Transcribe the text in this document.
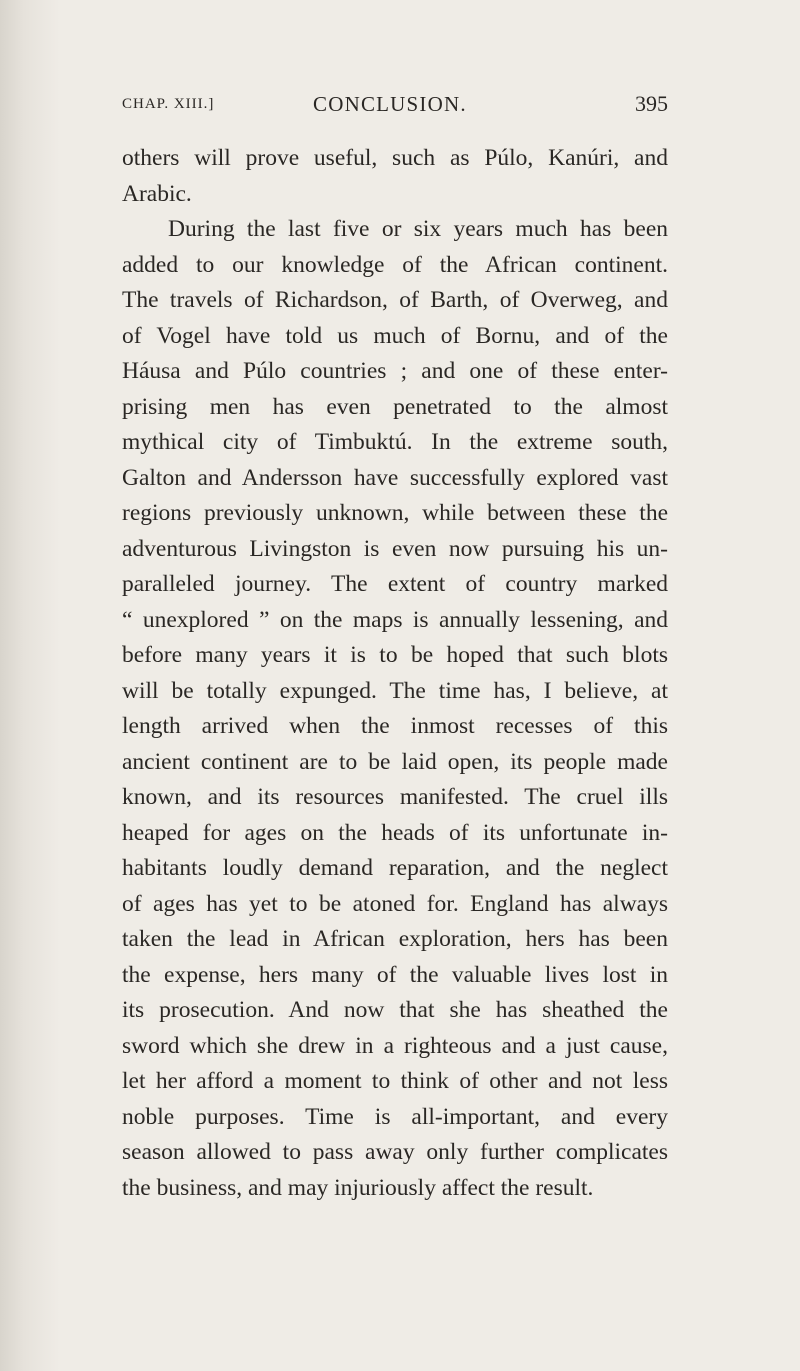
CHAP. XIII.]	CONCLUSION.	395
others will prove useful, such as Púlo, Kanúri, and
Arabic.
During the last five or six years much has been
added to our knowledge of the African continent.
The travels of Richardson, of Barth, of Overweg, and
of Vogel have told us much of Bornu, and of the
Háusa and Púlo countries ; and one of these enter-
prising men has even penetrated to the almost
mythical city of Timbuktú. In the extreme south,
Galton and Andersson have successfully explored vast
regions previously unknown, while between these the
adventurous Livingston is even now pursuing his un-
paralleled journey. The extent of country marked
“ unexplored ” on the maps is annually lessening, and
before many years it is to be hoped that such blots
will be totally expunged. The time has, I believe, at
length arrived when the inmost recesses of this
ancient continent are to be laid open, its people made
known, and its resources manifested. The cruel ills
heaped for ages on the heads of its unfortunate in-
habitants loudly demand reparation, and the neglect
of ages has yet to be atoned for. England has always
taken the lead in African exploration, hers has been
the expense, hers many of the valuable lives lost in
its prosecution. And now that she has sheathed the
sword which she drew in a righteous and a just cause,
let her afford a moment to think of other and not less
noble purposes. Time is all-important, and every
season allowed to pass away only further complicates
the business, and may injuriously affect the result.
